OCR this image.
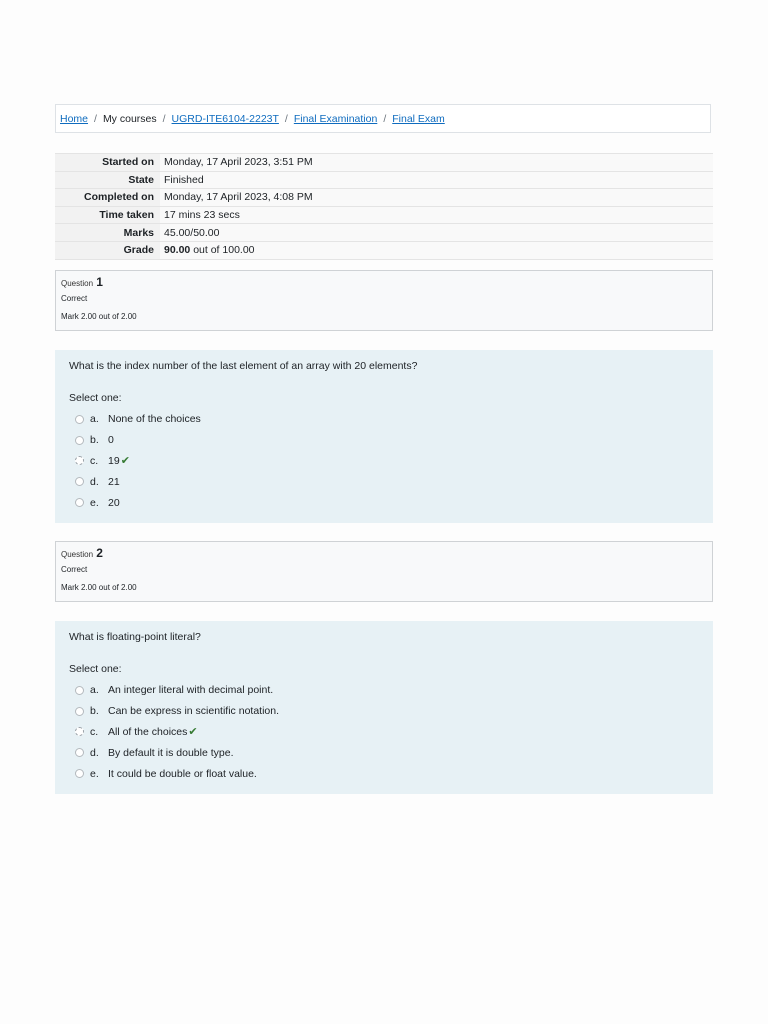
Home / My courses / UGRD-ITE6104-2223T / Final Examination / Final Exam
Started on	Monday, 17 April 2023, 3:51 PM
State	Finished
Completed on	Monday, 17 April 2023, 4:08 PM
Time taken	17 mins 23 secs
Marks	45.00/50.00
Grade	90.00 out of 100.00
Question 1
Correct
Mark 2.00 out of 2.00
What is the index number of the last element of an array with 20 elements?
Select one:
a. None of the choices
b. 0
c. 19 ✔
d. 21
e. 20
Question 2
Correct
Mark 2.00 out of 2.00
What is floating-point literal?
Select one:
a. An integer literal with decimal point.
b. Can be express in scientific notation.
c. All of the choices ✔
d. By default it is double type.
e. It could be double or float value.
